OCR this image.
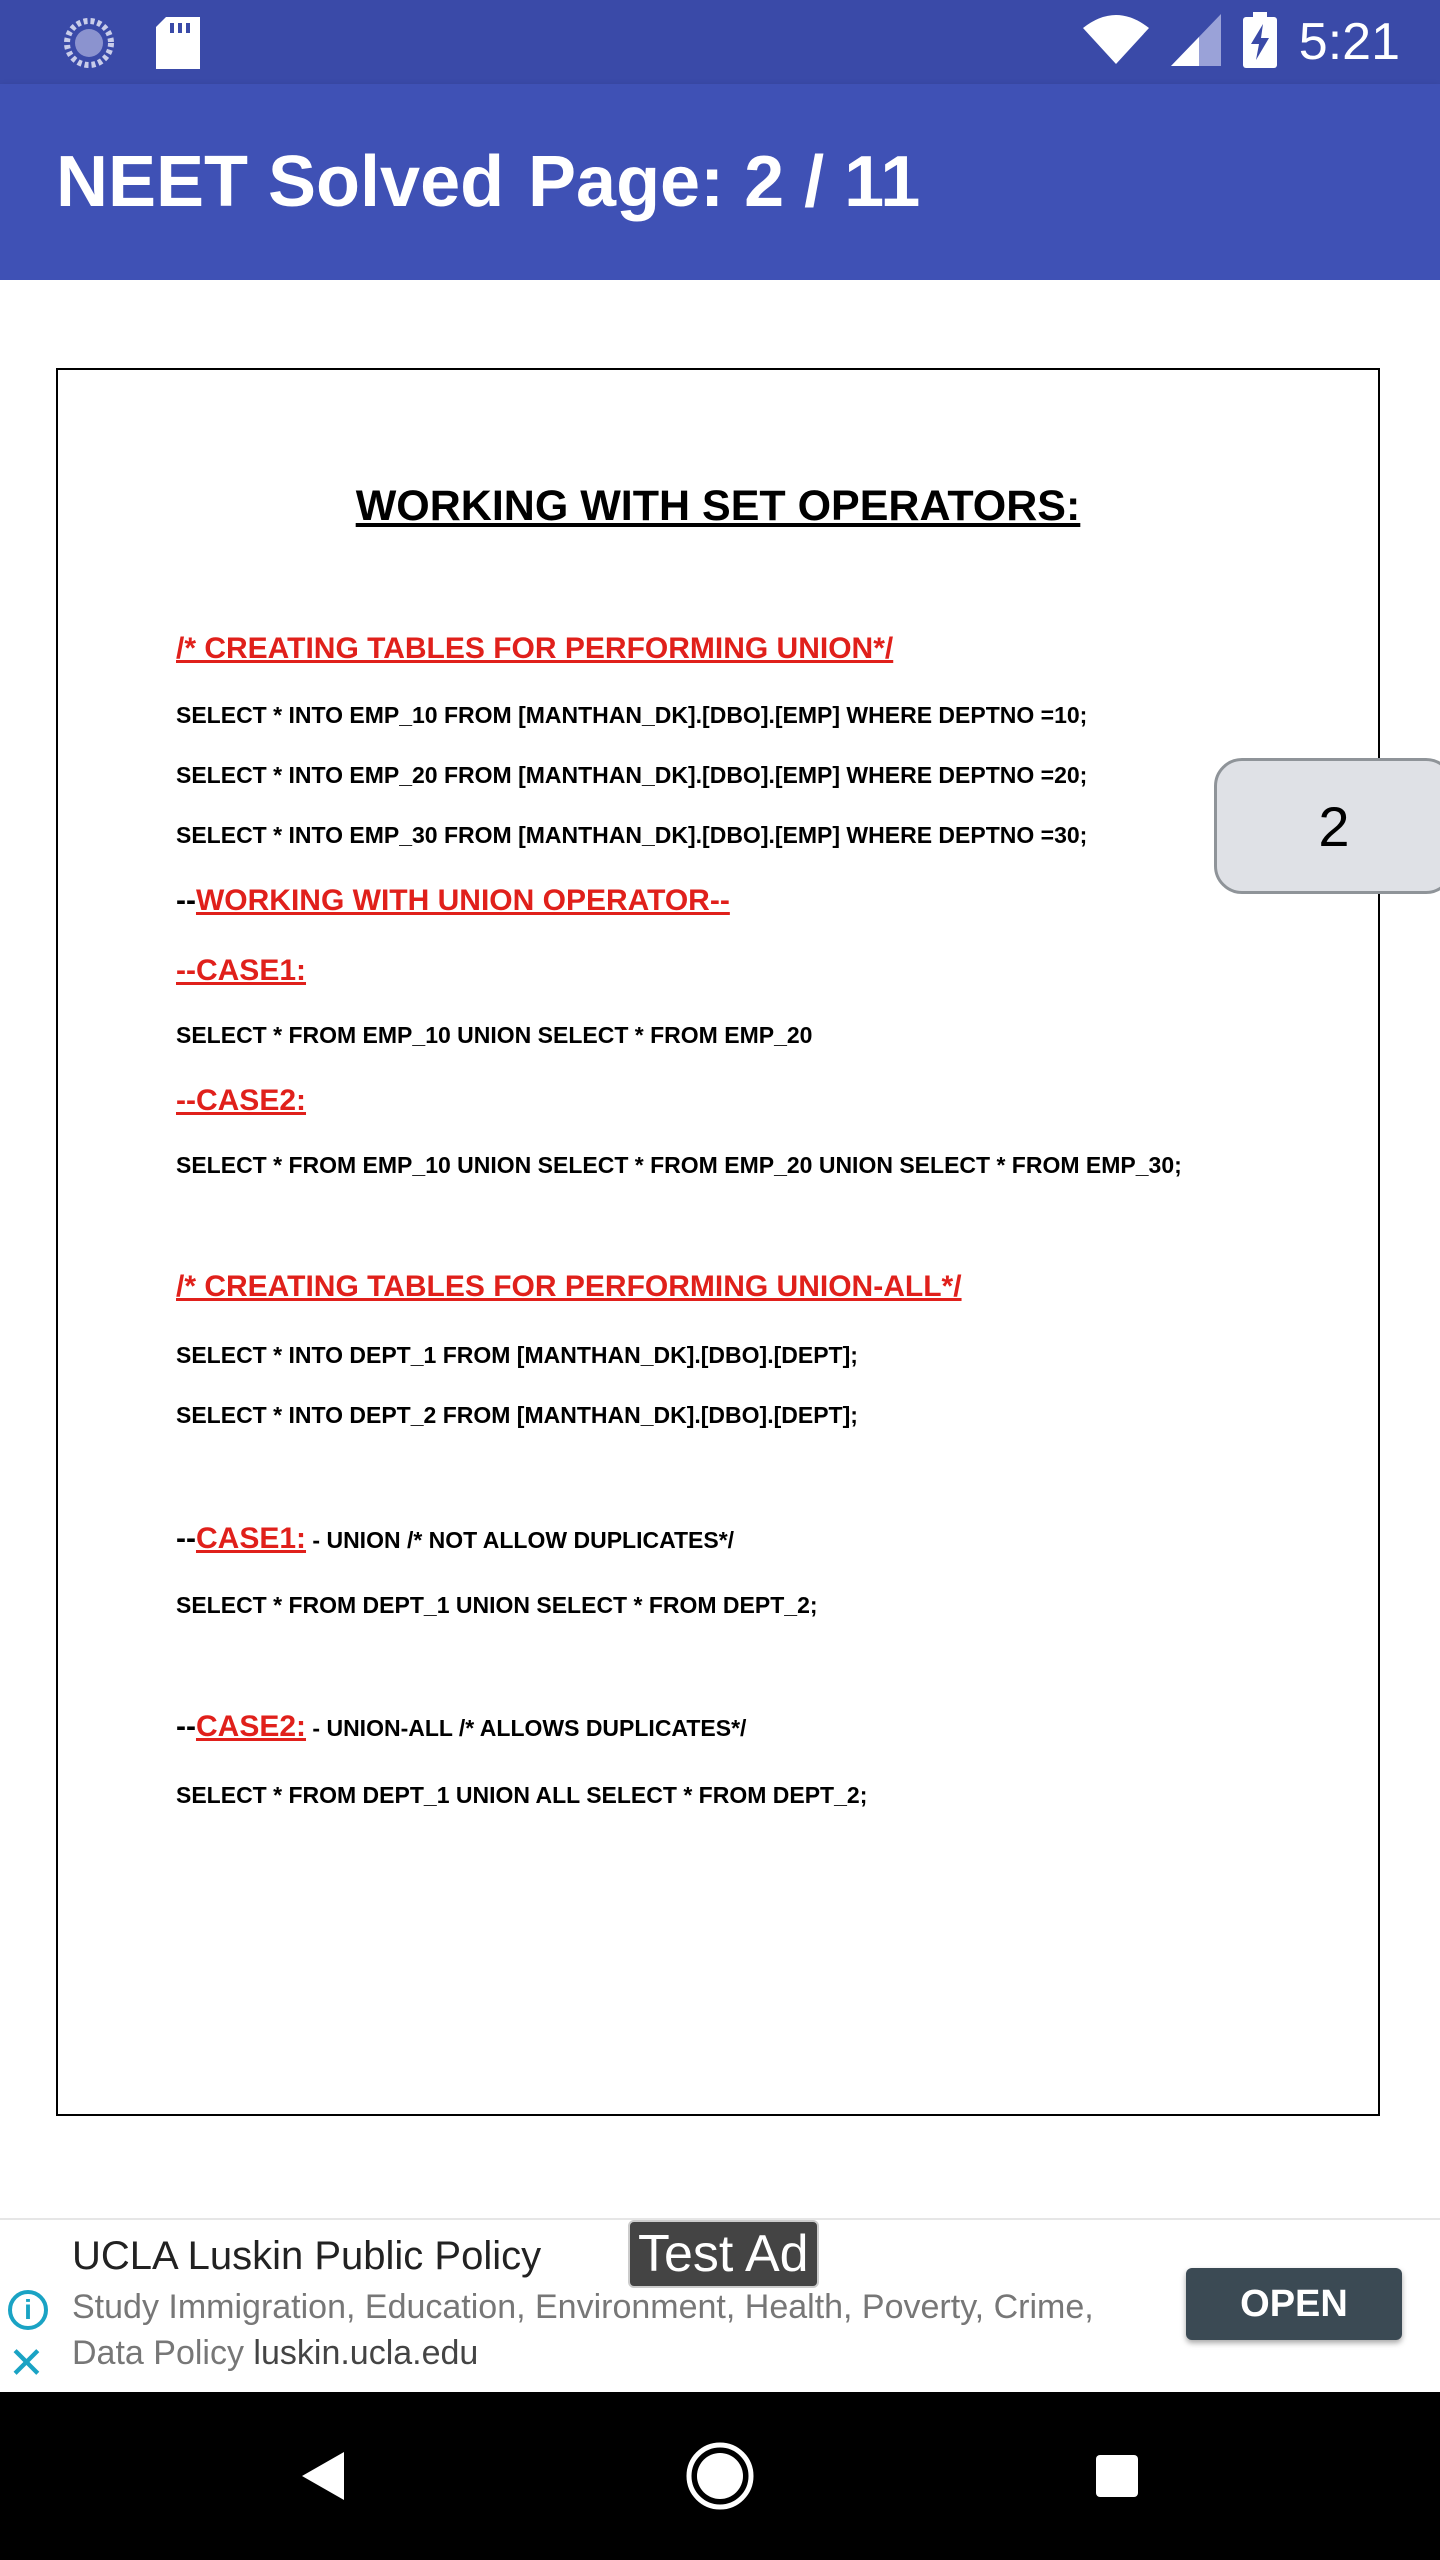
5:21
NEET Solved Page: 2 / 11
WORKING WITH SET OPERATORS:
/* CREATING TABLES FOR PERFORMING UNION*/
SELECT * INTO EMP_10 FROM [MANTHAN_DK].[DBO].[EMP] WHERE DEPTNO =10;
SELECT * INTO EMP_20 FROM [MANTHAN_DK].[DBO].[EMP] WHERE DEPTNO =20;
SELECT * INTO EMP_30 FROM [MANTHAN_DK].[DBO].[EMP] WHERE DEPTNO =30;
--WORKING WITH UNION OPERATOR--
--CASE1:
SELECT * FROM EMP_10 UNION SELECT * FROM EMP_20
--CASE2:
SELECT * FROM EMP_10 UNION SELECT * FROM EMP_20 UNION SELECT * FROM EMP_30;
/* CREATING TABLES FOR PERFORMING UNION-ALL*/
SELECT * INTO DEPT_1 FROM [MANTHAN_DK].[DBO].[DEPT];
SELECT * INTO DEPT_2 FROM [MANTHAN_DK].[DBO].[DEPT];
--CASE1: - UNION /* NOT ALLOW DUPLICATES*/
SELECT * FROM DEPT_1 UNION SELECT * FROM DEPT_2;
--CASE2: - UNION-ALL /* ALLOWS DUPLICATES*/
SELECT * FROM DEPT_1 UNION ALL SELECT * FROM DEPT_2;
2
UCLA Luskin Public Policy Test Ad
i
✕
Study Immigration, Education, Environment, Health, Poverty, Crime, Data Policy luskin.ucla.edu
OPEN
